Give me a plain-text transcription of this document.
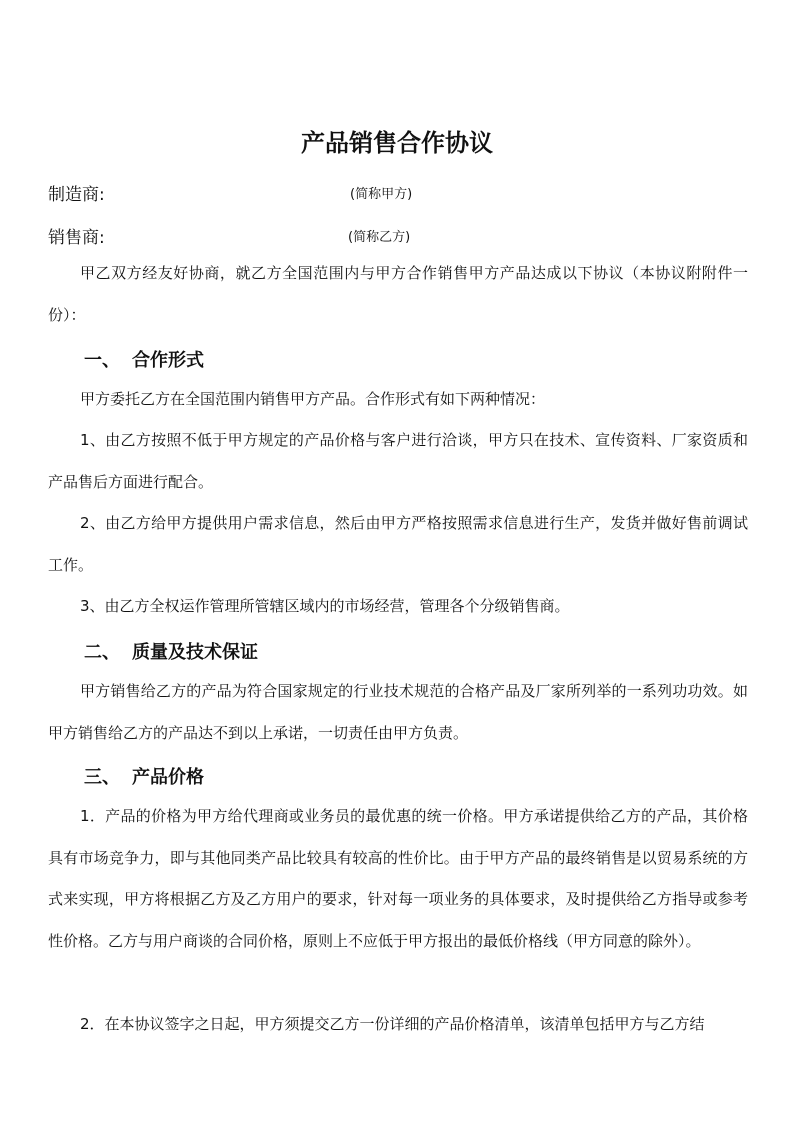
产品销售合作协议
制造商:	(简称甲方)
销售商:	(简称乙方)
甲乙双方经友好协商，就乙方全国范围内与甲方合作销售甲方产品达成以下协议（本协议附附件一份）：
一、 合作形式
甲方委托乙方在全国范围内销售甲方产品。合作形式有如下两种情况：
1、由乙方按照不低于甲方规定的产品价格与客户进行洽谈，甲方只在技术、宣传资料、厂家资质和产品售后方面进行配合。
2、由乙方给甲方提供用户需求信息，然后由甲方严格按照需求信息进行生产，发货并做好售前调试工作。
3、由乙方全权运作管理所管辖区域内的市场经营，管理各个分级销售商。
二、 质量及技术保证
甲方销售给乙方的产品为符合国家规定的行业技术规范的合格产品及厂家所列举的一系列功功效。如甲方销售给乙方的产品达不到以上承诺，一切责任由甲方负责。
三、 产品价格
1．产品的价格为甲方给代理商或业务员的最优惠的统一价格。甲方承诺提供给乙方的产品，其价格具有市场竞争力，即与其他同类产品比较具有较高的性价比。由于甲方产品的最终销售是以贸易系统的方式来实现，甲方将根据乙方及乙方用户的要求，针对每一项业务的具体要求，及时提供给乙方指导或参考性价格。乙方与用户商谈的合同价格，原则上不应低于甲方报出的最低价格线（甲方同意的除外）。
2．在本协议签字之日起，甲方须提交乙方一份详细的产品价格清单，该清单包括甲方与乙方结
